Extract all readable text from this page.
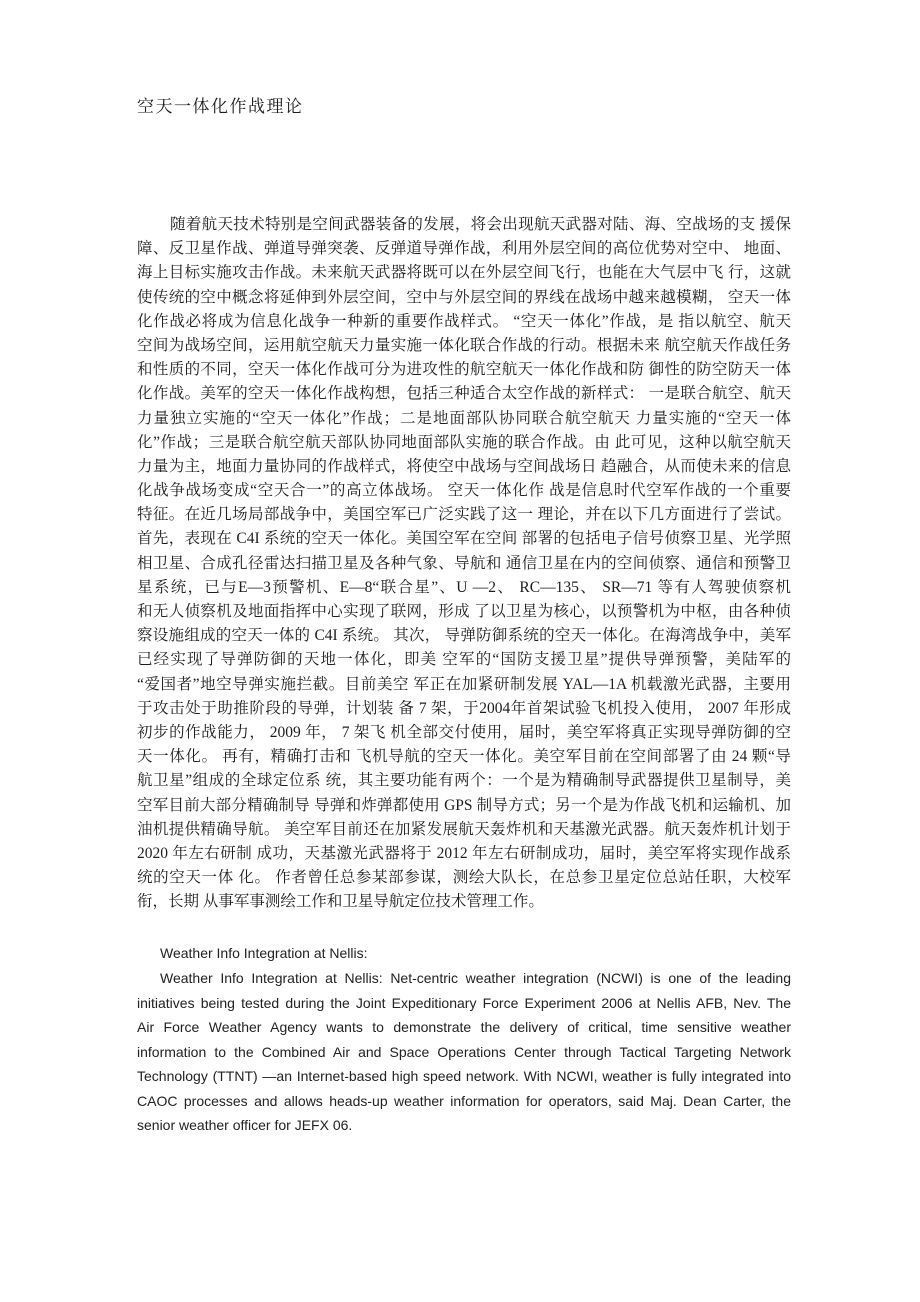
空天一体化作战理论
随着航天技术特别是空间武器装备的发展，将会出现航天武器对陆、海、空战场的支 援保
障、反卫星作战、弹道导弹突袭、反弹道导弹作战，利用外层空间的高位优势对空中、 地面、
海上目标实施攻击作战。未来航天武器将既可以在外层空间飞行，也能在大气层中飞 行，这就
使传统的空中概念将延伸到外层空间，空中与外层空间的界线在战场中越来越模糊， 空天一体
化作战必将成为信息化战争一种新的重要作战样式。 “空天一体化”作战，是 指以航空、航天
空间为战场空间，运用航空航天力量实施一体化联合作战的行动。根据未来 航空航天作战任务
和性质的不同，空天一体化作战可分为进攻性的航空航天一体化作战和防 御性的防空防天一体
化作战。美军的空天一体化作战构想，包括三种适合太空作战的新样式： 一是联合航空、航天
力量独立实施的“空天一体化”作战；二是地面部队协同联合航空航天 力量实施的“空天一体
化”作战；三是联合航空航天部队协同地面部队实施的联合作战。由 此可见，这种以航空航天
力量为主，地面力量协同的作战样式，将使空中战场与空间战场日 趋融合，从而使未来的信息
化战争战场变成“空天合一”的高立体战场。 空天一体化作 战是信息时代空军作战的一个重要
特征。在近几场局部战争中，美国空军已广泛实践了这一 理论，并在以下几方面进行了尝试。
首先，表现在 C4I 系统的空天一体化。美国空军在空间 部署的包括电子信号侦察卫星、光学照
相卫星、合成孔径雷达扫描卫星及各种气象、导航和 通信卫星在内的空间侦察、通信和预警卫
星系统，已与E—3预警机、E—8“联合星”、U —2、 RC—135、 SR—71 等有人驾驶侦察机
和无人侦察机及地面指挥中心实现了联网，形成 了以卫星为核心，以预警机为中枢，由各种侦
察设施组成的空天一体的 C4I 系统。 其次， 导弹防御系统的空天一体化。在海湾战争中，美军
已经实现了导弹防御的天地一体化，即美 空军的“国防支援卫星”提供导弹预警，美陆军的
“爱国者”地空导弹实施拦截。目前美空 军正在加紧研制发展 YAL—1A 机载激光武器，主要用
于攻击处于助推阶段的导弹，计划装 备 7 架，于2004年首架试验飞机投入使用， 2007 年形成
初步的作战能力， 2009 年， 7 架飞 机全部交付使用，届时，美空军将真正实现导弹防御的空
天一体化。 再有，精确打击和 飞机导航的空天一体化。美空军目前在空间部署了由 24 颗“导
航卫星”组成的全球定位系 统，其主要功能有两个：一个是为精确制导武器提供卫星制导，美
空军目前大部分精确制导 导弹和炸弹都使用 GPS 制导方式；另一个是为作战飞机和运输机、加
油机提供精确导航。 美空军目前还在加紧发展航天轰炸机和天基激光武器。航天轰炸机计划于
2020 年左右研制 成功，天基激光武器将于 2012 年左右研制成功，届时，美空军将实现作战系
统的空天一体 化。 作者曾任总参某部参谋，测绘大队长，在总参卫星定位总站任职，大校军
衔，长期 从事军事测绘工作和卫星导航定位技术管理工作。
Weather Info Integration at Nellis:
Weather Info Integration at Nellis: Net-centric weather integration (NCWI) is one of the leading
initiatives being tested during the Joint Expeditionary Force Experiment 2006 at Nellis AFB, Nev. The
Air Force Weather Agency wants to demonstrate the delivery of critical, time sensitive weather
information to the Combined Air and Space Operations Center through Tactical Targeting Network
Technology (TTNT) —an Internet-based high speed network. With NCWI, weather is fully integrated into
CAOC processes and allows heads-up weather information for operators, said Maj. Dean Carter, the
senior weather officer for JEFX 06.
